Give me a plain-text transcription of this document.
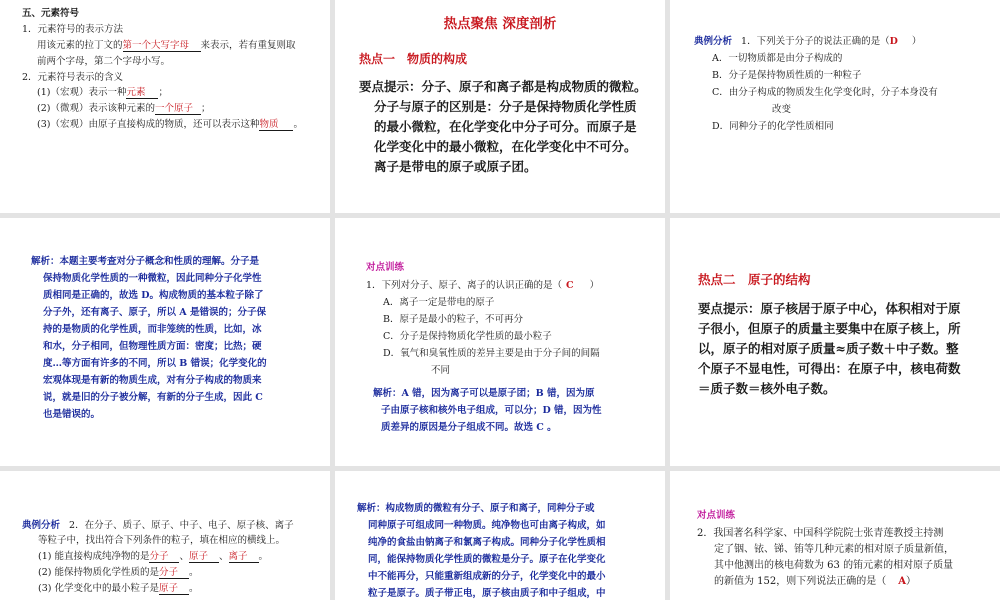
五、元素符号
1．元素符号的表示方法
用该元素的拉丁文的第一个大写字母 来表示，若有重复则取
前两个字母，第二个字母小写。
2．元素符号表示的含义
(1)（宏观）表示一种元素 ；
(2)（微观）表示该种元素的一个原子 ；
(3)（宏观）由原子直接构成的物质，还可以表示这种物质 。
热点聚焦 深度剖析
热点一　物质的构成
要点提示：分子、原子和离子都是构成物质的微粒。
分子与原子的区别是：分子是保持物质化学性质
的最小微粒，在化学变化中分子可分。而原子是
化学变化中的最小微粒，在化学变化中不可分。
离子是带电的原子或原子团。
典例分析 1．下列关于分子的说法正确的是（D ）
A．一切物质都是由分子构成的
B．分子是保持物质性质的一种粒子
C．由分子构成的物质发生化学变化时，分子本身没有
改变
D．同种分子的化学性质相同
解析：本题主要考查对分子概念和性质的理解。分子是
保持物质化学性质的一种微粒，因此同种分子化学性
质相同是正确的，故选 D。构成物质的基本粒子除了
分子外，还有离子、原子，所以 A 是错误的；分子保
持的是物质的化学性质，而非笼统的性质，比如，冰
和水，分子相同，但物理性质方面：密度；比热；硬
度…等方面有许多的不同，所以 B 错误；化学变化的
宏观体现是有新的物质生成，对有分子构成的物质来
说，就是旧的分子被分解，有新的分子生成，因此 C
也是错误的。
对点训练
1．下列对分子、原子、离子的认识正确的是（ C ）
A．离子一定是带电的原子
B．原子是最小的粒子，不可再分
C．分子是保持物质化学性质的最小粒子
D．氧气和臭氧性质的差异主要是由于分子间的间隔
不同
解析：A 错，因为离子可以是原子团；B 错，因为原
子由原子核和核外电子组成，可以分；D 错，因为性
质差异的原因是分子组成不同。故选 C 。
热点二　原子的结构
要点提示：原子核居于原子中心，体积相对于原
子很小，但原子的质量主要集中在原子核上，所
以，原子的相对原子质量≈质子数＋中子数。整
个原子不显电性，可得出：在原子中，核电荷数
＝质子数＝核外电子数。
典例分析 2．在分子、质子、原子、中子、电子、原子核、离子
等粒子中，找出符合下列条件的粒子，填在相应的横线上。
(1) 能直接构成纯净物的是分子 、原子 、离子 。
(2) 能保持物质化学性质的是分子 。
(3) 化学变化中的最小粒子是原子 。
解析：构成物质的微粒有分子、原子和离子，同种分子或
同种原子可组成同一种物质。纯净物也可由离子构成，如
纯净的食盐由钠离子和氯离子构成。同种分子化学性质相
同，能保持物质化学性质的微粒是分子。原子在化学变化
中不能再分，只能重新组成新的分子，化学变化中的最小
粒子是原子。质子带正电，原子核由质子和中子组成，中
对点训练
2．我国著名科学家、中国科学院院士张青莲教授主持测
定了铟、铱、锑、铕等几种元素的相对原子质量新值，
其中他测出的核电荷数为 63 的铕元素的相对原子质量
的新值为 152，则下列说法正确的是（ A）
